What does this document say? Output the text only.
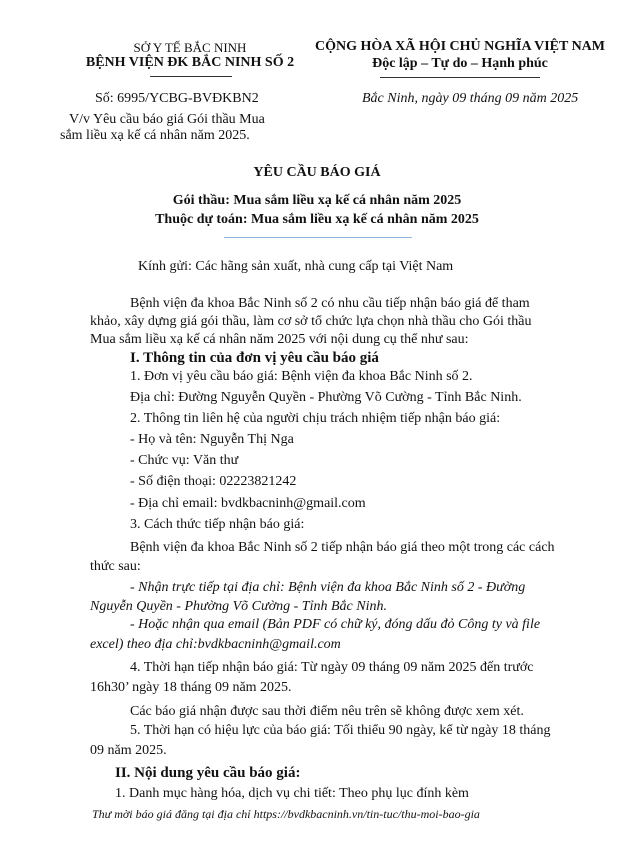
SỞ Y TẾ BẮC NINH
BỆNH VIỆN ĐK BẮC NINH SỐ 2
Số: 6995/YCBG-BVĐKBN2
V/v Yêu cầu báo giá Gói thầu Mua
sắm liều xạ kế cá nhân năm 2025.
CỘNG HÒA XÃ HỘI CHỦ NGHĨA VIỆT NAM
Độc lập – Tự do – Hạnh phúc
Bắc Ninh, ngày 09 tháng 09 năm 2025
YÊU CẦU BÁO GIÁ
Gói thầu: Mua sắm liều xạ kế cá nhân năm 2025
Thuộc dự toán: Mua sắm liều xạ kế cá nhân năm 2025
Kính gửi: Các hãng sản xuất, nhà cung cấp tại Việt Nam
Bệnh viện đa khoa Bắc Ninh số 2 có nhu cầu tiếp nhận báo giá để tham
khảo, xây dựng giá gói thầu, làm cơ sở tổ chức lựa chọn nhà thầu cho Gói thầu
Mua sắm liều xạ kế cá nhân năm 2025 với nội dung cụ thể như sau:
I. Thông tin của đơn vị yêu cầu báo giá
1. Đơn vị yêu cầu báo giá: Bệnh viện đa khoa Bắc Ninh số 2.
Địa chỉ: Đường Nguyễn Quyền - Phường Võ Cường - Tỉnh Bắc Ninh.
2. Thông tin liên hệ của người chịu trách nhiệm tiếp nhận báo giá:
- Họ và tên: Nguyễn Thị Nga
- Chức vụ: Văn thư
- Số điện thoại: 02223821242
- Địa chỉ email: bvdkbacninh@gmail.com
3. Cách thức tiếp nhận báo giá:
Bệnh viện đa khoa Bắc Ninh số 2 tiếp nhận báo giá theo một trong các cách
thức sau:
- Nhận trực tiếp tại địa chỉ: Bệnh viện đa khoa Bắc Ninh số 2 - Đường
Nguyễn Quyền - Phường Võ Cường - Tỉnh Bắc Ninh.
- Hoặc nhận qua email (Bản PDF có chữ ký, đóng dấu đỏ Công ty và file
excel) theo địa chỉ:bvdkbacninh@gmail.com
4. Thời hạn tiếp nhận báo giá: Từ ngày 09 tháng 09 năm 2025 đến trước
16h30’ ngày 18 tháng 09 năm 2025.
Các báo giá nhận được sau thời điểm nêu trên sẽ không được xem xét.
5. Thời hạn có hiệu lực của báo giá: Tối thiểu 90 ngày, kể từ ngày 18 tháng
09 năm 2025.
II. Nội dung yêu cầu báo giá:
1. Danh mục hàng hóa, dịch vụ chi tiết: Theo phụ lục đính kèm
Thư mời báo giá đăng tại địa chỉ https://bvdkbacninh.vn/tin-tuc/thu-moi-bao-gia
